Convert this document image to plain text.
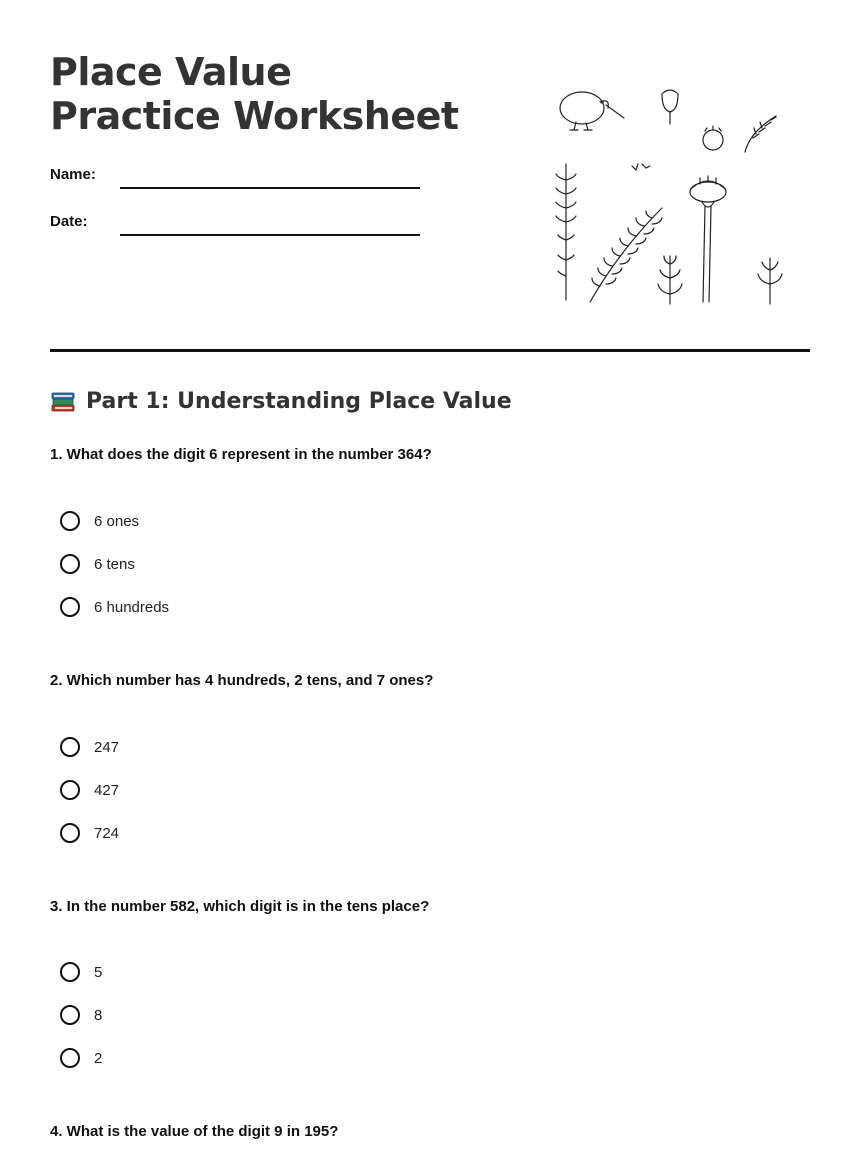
Place Value Practice Worksheet
Name:
Date:
Part 1: Understanding Place Value

1. What does the digit 6 represent in the number 364?

6 ones
6 tens
6 hundreds

2. Which number has 4 hundreds, 2 tens, and 7 ones?

247
427
724

3. In the number 582, which digit is in the tens place?

5
8
2

4. What is the value of the digit 9 in 195?
